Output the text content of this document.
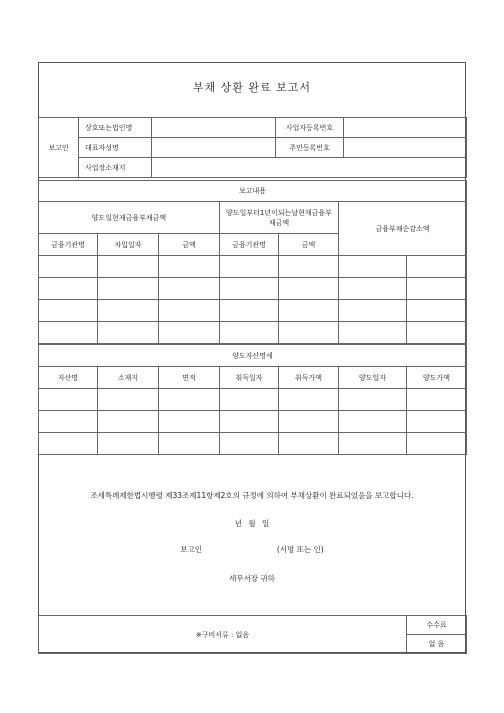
부채 상환 완료 보고서
보고인	상호또는법인명		사업자등록번호	
	대표자성명		주민등록번호	
	사업장소재지			
보고내용						
양도일현재금융부채금액			양도일부터1년이되는날현재금융부채금액		금융부채순감소액	
금융기관명	차입일자	금액	금융기관명	금액		

양도자산명세						
자산명	소재지	면적	취득일자	취득가액	양도일자	양도가액

조세특례제한법시행령 제33조제11항제2호의 규정에 의하여 부채상환이 완료되었음을 보고합니다.
년 월 일
보고인	(서명 또는 인)
세무서장 귀하
※구비서류 : 없음	수수료
없 음
